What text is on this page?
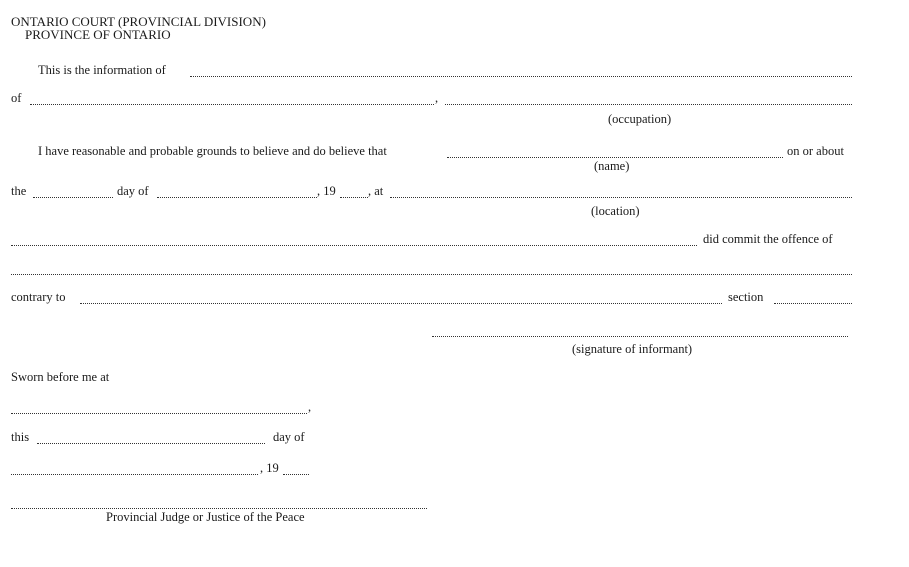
ONTARIO COURT (PROVINCIAL DIVISION)
PROVINCE OF ONTARIO
This is the information of
of	,
(occupation)
I have reasonable and probable grounds to believe and do believe that	on or about
(name)
the	day of	, 19	, at
(location)
did commit the offence of
contrary to	section
(signature of informant)
Sworn before me at
,
this	day of
, 19
Provincial Judge or Justice of the Peace
